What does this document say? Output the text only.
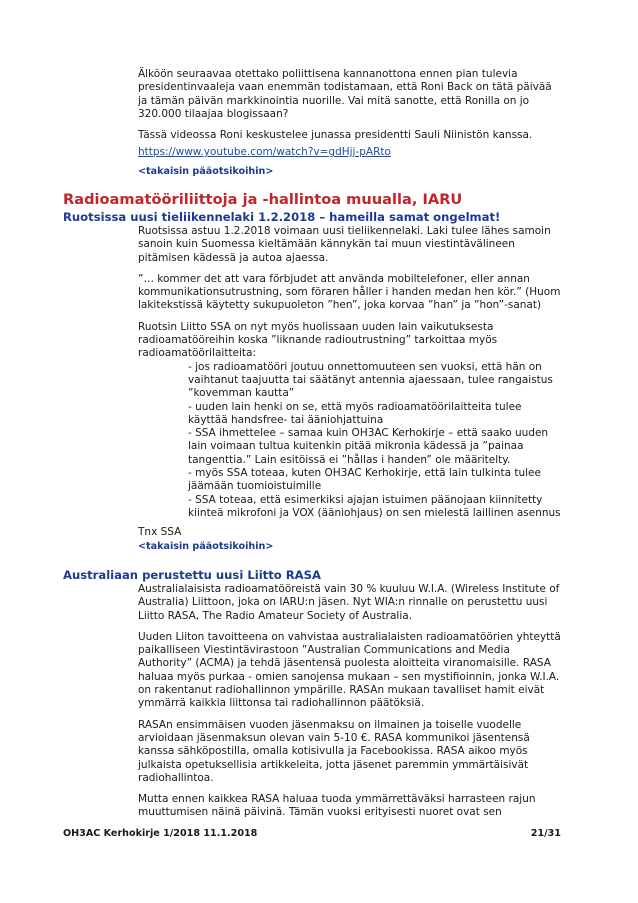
Älköön seuraavaa otettako poliittisena kannanottona ennen pian tulevia presidentinvaaleja vaan enemmän todistamaan, että Roni Back on tätä päivää ja tämän päivän markkinointia nuorille. Vai mitä sanotte, että Ronilla on jo 320.000 tilaajaa blogissaan?

Tässä videossa Roni keskustelee junassa presidentti Sauli Niinistön kanssa.

https://www.youtube.com/watch?v=gdHjj-pARto

<takaisin pääotsikoihin>

Radioamatööriliittoja ja -hallintoa muualla, IARU
Ruotsissa uusi tieliikennelaki 1.2.2018 – hameilla samat ongelmat!

Ruotsissa astuu 1.2.2018 voimaan uusi tieliikennelaki. Laki tulee lähes samoin sanoin kuin Suomessa kieltämään kännykän tai muun viestintävälineen pitämisen kädessä ja autoa ajaessa.

”… kommer det att vara förbjudet att använda mobiltelefoner, eller annan kommunikationsutrustning, som föraren håller i handen medan hen kör.” (Huom lakitekstissä käytetty sukupuoleton ”hen”, joka korvaa ”han” ja ”hon”-sanat)

Ruotsin Liitto SSA on nyt myös huolissaan uuden lain vaikutuksesta radioamatööreihin koska ”liknande radioutrustning” tarkoittaa myös radioamatöörilaitteita:

- jos radioamatööri joutuu onnettomuuteen sen vuoksi, että hän on vaihtanut taajuutta tai säätänyt antennia ajaessaan, tulee rangaistus ”kovemman kautta”

- uuden lain henki on se, että myös radioamatöörilaitteita tulee käyttää handsfree- tai ääniohjattuina

- SSA ihmettelee – samaa kuin OH3AC Kerhokirje – että saako uuden lain voimaan tultua kuitenkin pitää mikronia kädessä ja ”painaa tangenttia.” Lain esitöissä ei ”hållas i handen” ole määritelty.

- myös SSA toteaa, kuten OH3AC Kerhokirje, että lain tulkinta tulee jäämään tuomioistuimille

- SSA toteaa, että esimerkiksi ajajan istuimen päänojaan kiinnitetty kiinteä mikrofoni ja VOX (ääniohjaus) on sen mielestä laillinen asennus

Tnx SSA

<takaisin pääotsikoihin>

Australiaan perustettu uusi Liitto RASA

Australialaisista radioamatööreistä vain 30 % kuuluu W.I.A. (Wireless Institute of Australia) Liittoon, joka on IARU:n jäsen. Nyt WIA:n rinnalle on perustettu uusi Liitto RASA, The Radio Amateur Society of Australia.

Uuden Liiton tavoitteena on vahvistaa australialaisten radioamatöörien yhteyttä paikalliseen Viestintävirastoon ”Australian Communications and Media Authority” (ACMA) ja tehdä jäsentensä puolesta aloitteita viranomaisille. RASA haluaa myös purkaa - omien sanojensa mukaan – sen mystifioinnin, jonka W.I.A. on rakentanut radiohallinnon ympärille. RASAn mukaan tavalliset hamit eivät ymmärrä kaikkia liittonsa tai radiohallinnon päätöksiä.

RASAn ensimmäisen vuoden jäsenmaksu on ilmainen ja toiselle vuodelle arvioidaan jäsenmaksun olevan vain 5-10 €. RASA kommunikoi jäsentensä kanssa sähköpostilla, omalla kotisivulla ja Facebookissa. RASA aikoo myös julkaista opetuksellisia artikkeleita, jotta jäsenet paremmin ymmärtäisivät radiohallintoa.

Mutta ennen kaikkea RASA haluaa tuoda ymmärrettäväksi harrasteen rajun muuttumisen näinä päivinä. Tämän vuoksi erityisesti nuoret ovat sen

OH3AC Kerhokirje 1/2018 11.1.2018	21/31
